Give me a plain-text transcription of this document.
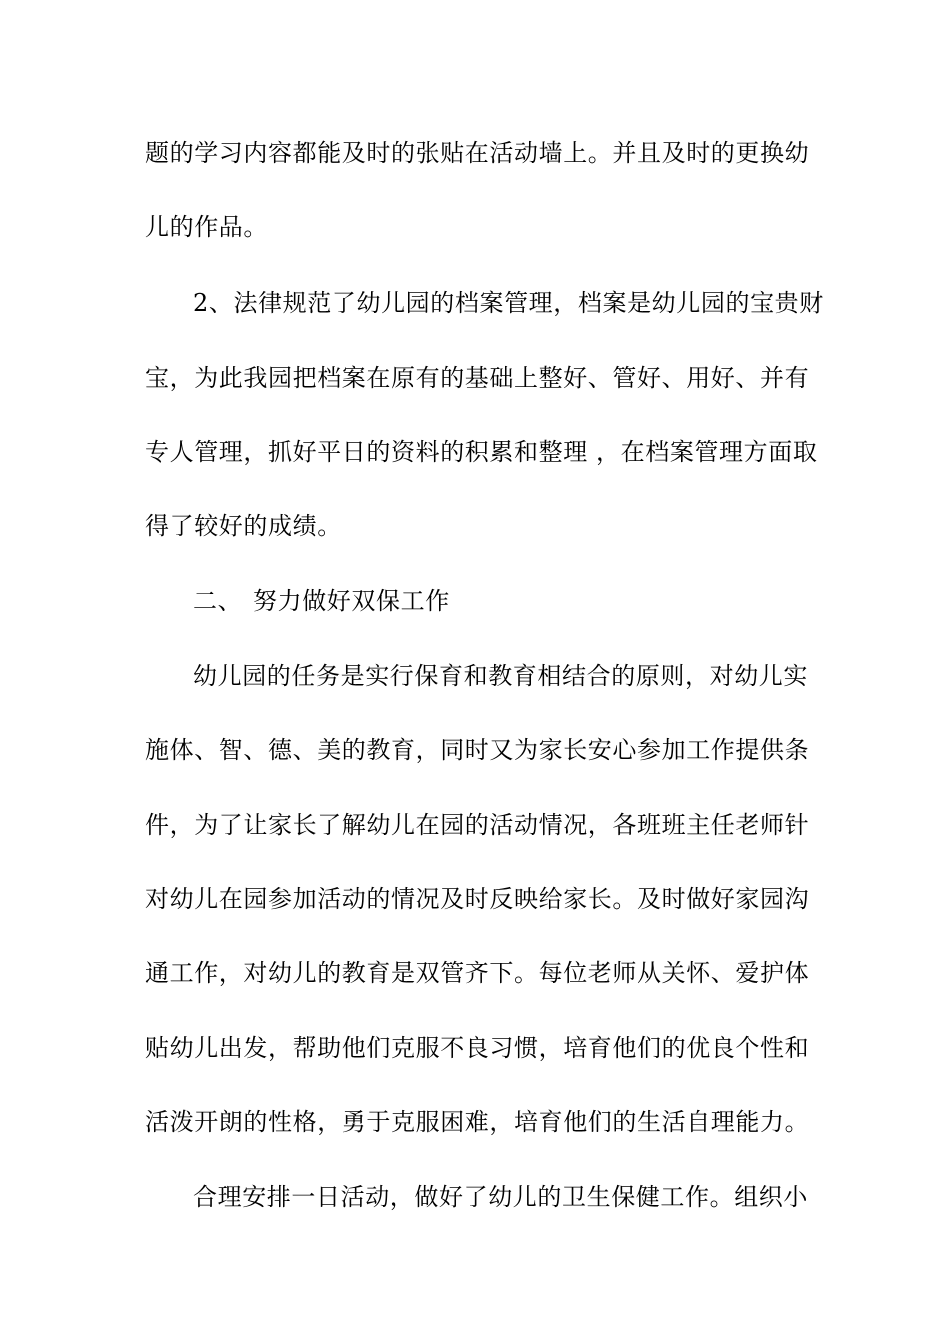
题的学习内容都能及时的张贴在活动墙上。并且及时的更换幼
儿的作品。
2、法律规范了幼儿园的档案管理，档案是幼儿园的宝贵财
宝，为此我园把档案在原有的基础上整好、管好、用好、并有
专人管理，抓好平日的资料的积累和整理 ，在档案管理方面取
得了较好的成绩。
二、 努力做好双保工作
幼儿园的任务是实行保育和教育相结合的原则，对幼儿实
施体、智、德、美的教育，同时又为家长安心参加工作提供条
件，为了让家长了解幼儿在园的活动情况，各班班主任老师针
对幼儿在园参加活动的情况及时反映给家长。及时做好家园沟
通工作，对幼儿的教育是双管齐下。每位老师从关怀、爱护体
贴幼儿出发，帮助他们克服不良习惯，培育他们的优良个性和
活泼开朗的性格，勇于克服困难，培育他们的生活自理能力。
合理安排一日活动，做好了幼儿的卫生保健工作。组织小
